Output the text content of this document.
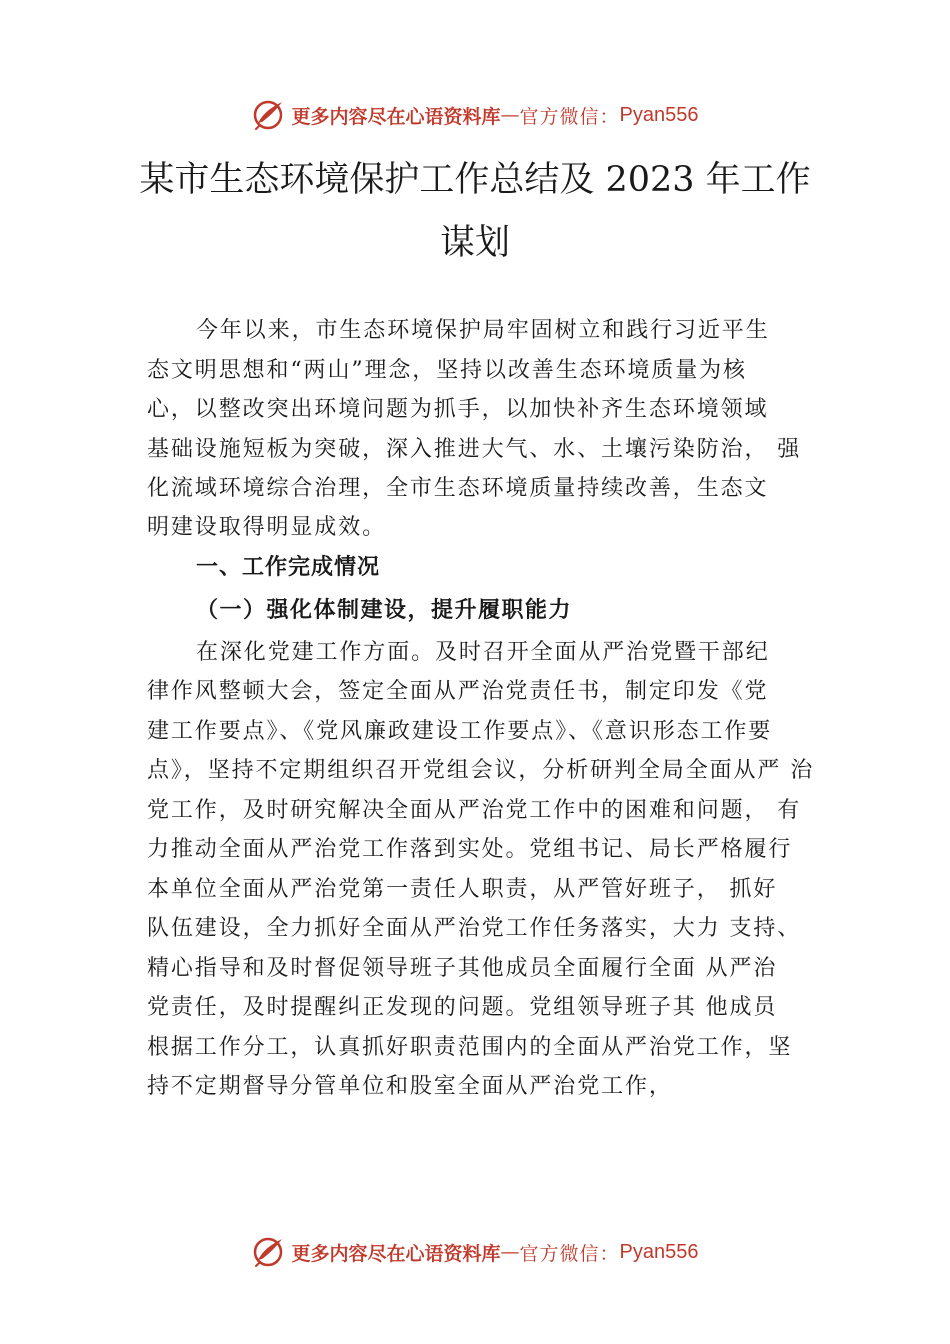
更多内容尽在心语资料库 — 官方微信： Pyan556
某市生态环境保护工作总结及 2023 年工作
谋划
今年以来，市生态环境保护局牢固树立和践行习近平生
态文明思想和“两山”理念，坚持以改善生态环境质量为核
心，以整改突出环境问题为抓手，以加快补齐生态环境领域
基础设施短板为突破，深入推进大气、水、土壤污染防治， 强
化流域环境综合治理，全市生态环境质量持续改善，生态文
明建设取得明显成效。
一、工作完成情况
（一）强化体制建设，提升履职能力
在深化党建工作方面。及时召开全面从严治党暨干部纪
律作风整顿大会，签定全面从严治党责任书，制定印发《党
建工作要点》、《党风廉政建设工作要点》、《意识形态工作要
点》，坚持不定期组织召开党组会议，分析研判全局全面从严 治
党工作，及时研究解决全面从严治党工作中的困难和问题， 有
力推动全面从严治党工作落到实处。党组书记、局长严格履行
本单位全面从严治党第一责任人职责，从严管好班子， 抓好
队伍建设，全力抓好全面从严治党工作任务落实，大力 支持、
精心指导和及时督促领导班子其他成员全面履行全面 从严治
党责任，及时提醒纠正发现的问题。党组领导班子其 他成员
根据工作分工，认真抓好职责范围内的全面从严治党工作，坚
持不定期督导分管单位和股室全面从严治党工作，
更多内容尽在心语资料库 — 官方微信： Pyan556
